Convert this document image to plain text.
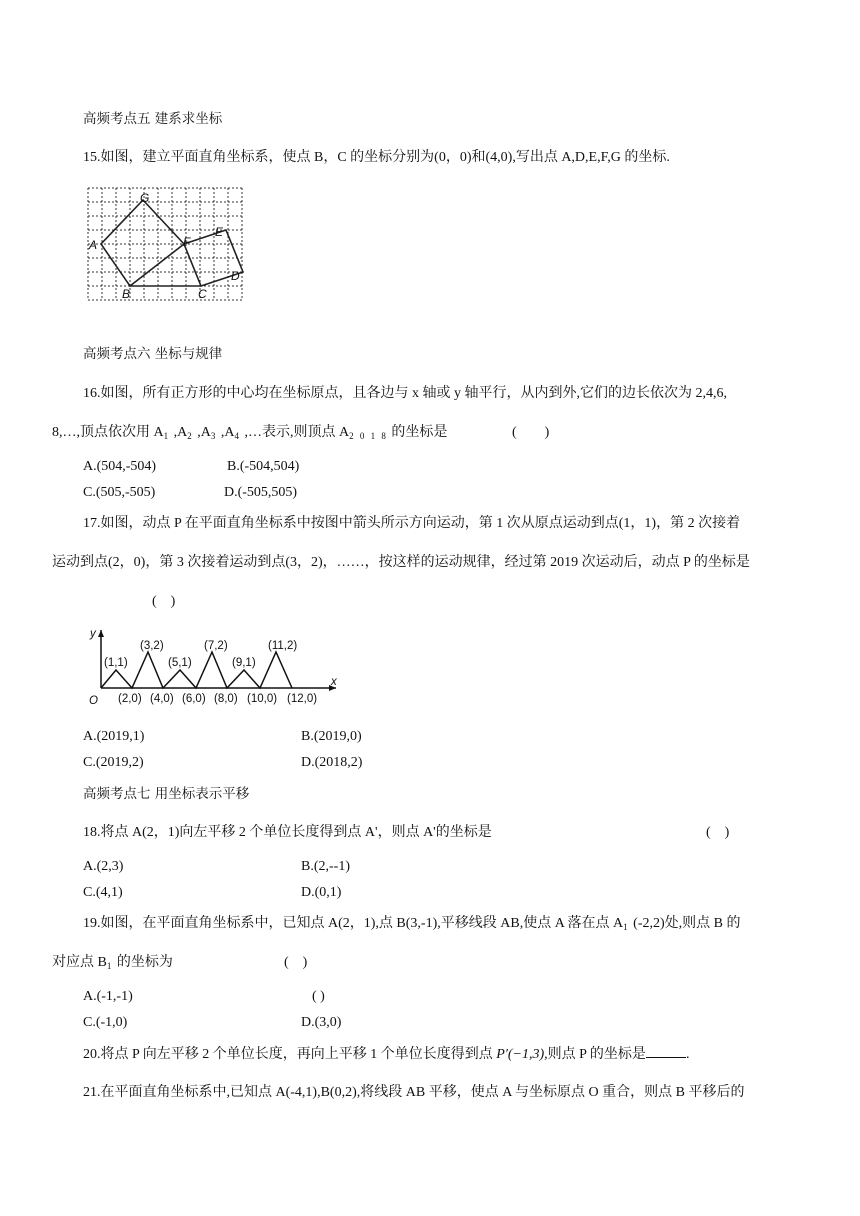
高频考点五 建系求坐标
15.如图，建立平面直角坐标系，使点 B，C 的坐标分别为(0，0)和(4,0),写出点 A,D,E,F,G 的坐标.
G
A	F
E
D
B	C
高频考点六 坐标与规律
16.如图，所有正方形的中心均在坐标原点，且各边与 x 轴或 y 轴平行，从内到外,它们的边长依次为 2,4,6,
8,…,顶点依次用 $A_1$ $,A_2$ $,A_3$ $,A_4$ ,…表示,则顶点 $A_{2 0 1 8}$ 的坐标是	(　　)
A.(504,-504)	B.(-504,504)
C.(505,-505)	D.(-505,505)
17.如图，动点 P 在平面直角坐标系中按图中箭头所示方向运动，第 1 次从原点运动到点(1，1)，第 2 次接着
运动到点(2，0)，第 3 次接着运动到点(3，2)，……，按这样的运动规律，经过第 2019 次运动后，动点 P 的坐标是
(　)
y
x
O
(1,1)
(3,2)
(5,1)
(7,2)
(9,1)
(11,2)
(2,0) (4,0) (6,0) (8,0) (10,0) (12,0)
A.(2019,1)	B.(2019,0)
C.(2019,2)	D.(2018,2)
高频考点七 用坐标表示平移
18.将点 A(2，1)向左平移 2 个单位长度得到点 A'，则点 A'的坐标是	(　)
A.(2,3)	B.(2,--1)
C.(4,1)	D.(0,1)
19.如图，在平面直角坐标系中，已知点 A(2，1),点 B(3,-1),平移线段 AB,使点 A 落在点 $A_1$ (-2,2)处,则点 B 的
对应点 $B_1$ 的坐标为	(　)
A.(-1,-1)	( )
C.(-1,0)	D.(3,0)
20.将点 P 向左平移 2 个单位长度，再向上平移 1 个单位长度得到点 P′(−1,3),则点 P 的坐标是	.
21.在平面直角坐标系中,已知点 A(-4,1),B(0,2),将线段 AB 平移，使点 A 与坐标原点 O 重合，则点 B 平移后的
